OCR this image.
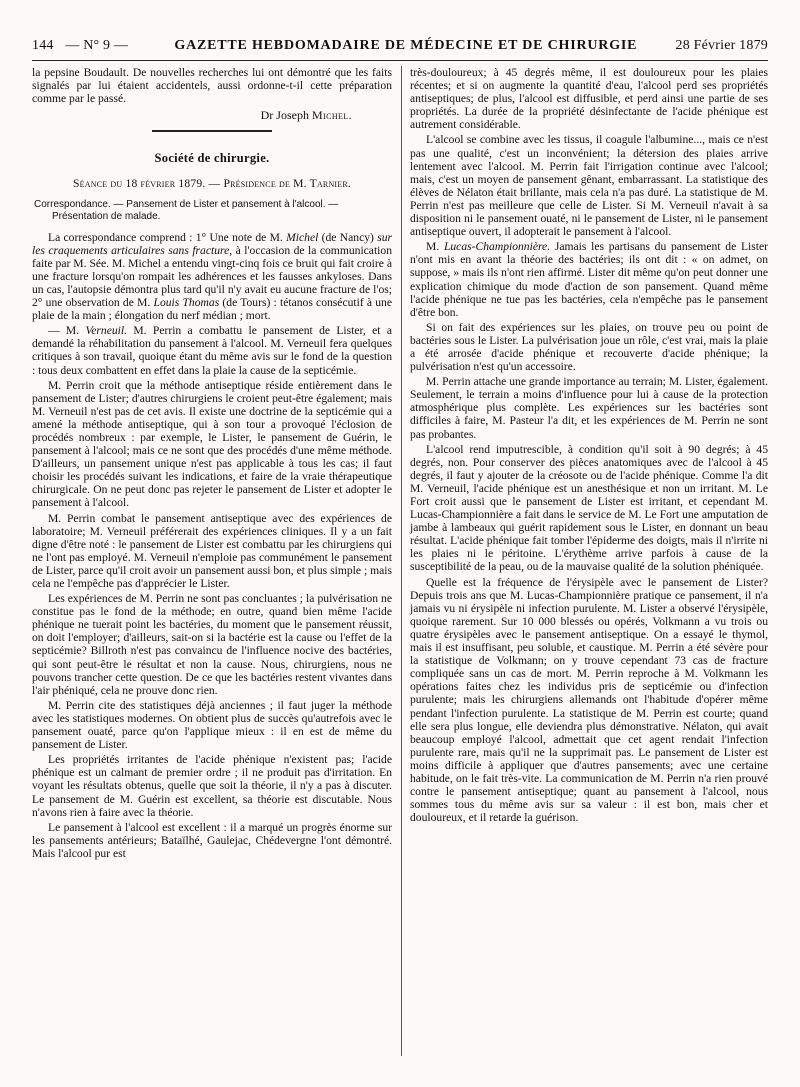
144 — N° 9 —	GAZETTE HEBDOMADAIRE DE MÉDECINE ET DE CHIRURGIE	28 Février 1879

la pepsine Boudault. De nouvelles recherches lui ont démontré que les faits signalés par lui étaient accidentels, aussi ordonne-t-il cette préparation comme par le passé.

Dr Joseph Michel.
Société de chirurgie.
Séance du 18 février 1879. — Présidence de M. Tarnier.
Correspondance. — Pansement de Lister et pansement à l'alcool. —
Présentation de malade.

La correspondance comprend : 1° Une note de M. Michel (de Nancy) sur les craquements articulaires sans fracture, à l'occasion de la communication faite par M. Sée. M. Michel a entendu vingt-cinq fois ce bruit qui fait croire à une fracture lorsqu'on rompait les adhérences et les fausses ankyloses. Dans un cas, l'autopsie démontra plus tard qu'il n'y avait eu aucune fracture de l'os; 2° une observation de M. Louis Thomas (de Tours) : tétanos consécutif à une plaie de la main ; élongation du nerf médian ; mort.

— M. Verneuil. M. Perrin a combattu le pansement de Lister, et a demandé la réhabilitation du pansement à l'alcool. M. Verneuil fera quelques critiques à son travail, quoique étant du même avis sur le fond de la question : tous deux combattent en effet dans la plaie la cause de la septicémie.

M. Perrin croit que la méthode antiseptique réside entièrement dans le pansement de Lister; d'autres chirurgiens le croient peut-être également; mais M. Verneuil n'est pas de cet avis. Il existe une doctrine de la septicémie qui a amené la méthode antiseptique, qui à son tour a provoqué l'éclosion de procédés nombreux : par exemple, le Lister, le pansement de Guérin, le pansement à l'alcool; mais ce ne sont que des procédés d'une même méthode. D'ailleurs, un pansement unique n'est pas applicable à tous les cas; il faut choisir les procédés suivant les indications, et faire de la vraie thérapeutique chirurgicale. On ne peut donc pas rejeter le pansement de Lister et adopter le pansement à l'alcool.

M. Perrin combat le pansement antiseptique avec des expériences de laboratoire; M. Verneuil préférerait des expériences cliniques. Il y a un fait digne d'être noté : le pansement de Lister est combattu par les chirurgiens qui ne l'ont pas employé. M. Verneuil n'emploie pas communément le pansement de Lister, parce qu'il croit avoir un pansement aussi bon, et plus simple ; mais cela ne l'empêche pas d'apprécier le Lister.

Les expériences de M. Perrin ne sont pas concluantes ; la pulvérisation ne constitue pas le fond de la méthode; en outre, quand bien même l'acide phénique ne tuerait point les bactéries, du moment que le pansement réussit, on doit l'employer; d'ailleurs, sait-on si la bactérie est la cause ou l'effet de la septicémie? Billroth n'est pas convaincu de l'influence nocive des bactéries, qui sont peut-être le résultat et non la cause. Nous, chirurgiens, nous ne pouvons trancher cette question. De ce que les bactéries restent vivantes dans l'air phéniqué, cela ne prouve donc rien.

M. Perrin cite des statistiques déjà anciennes ; il faut juger la méthode avec les statistiques modernes. On obtient plus de succès qu'autrefois avec le pansement ouaté, parce qu'on l'applique mieux : il en est de même du pansement de Lister.

Les propriétés irritantes de l'acide phénique n'existent pas; l'acide phénique est un calmant de premier ordre ; il ne produit pas d'irritation. En voyant les résultats obtenus, quelle que soit la théorie, il n'y a pas à discuter. Le pansement de M. Guérin est excellent, sa théorie est discutable. Nous n'avons rien à faire avec la théorie.

Le pansement à l'alcool est excellent : il a marqué un progrès énorme sur les pansements antérieurs; Bataïlhé, Gaulejac, Chédevergne l'ont démontré. Mais l'alcool pur est

très-douloureux; à 45 degrés même, il est douloureux pour les plaies récentes; et si on augmente la quantité d'eau, l'alcool perd ses propriétés antiseptiques; de plus, l'alcool est diffusible, et perd ainsi une partie de ses propriétés. La durée de la propriété désinfectante de l'acide phénique est autrement considérable.

L'alcool se combine avec les tissus, il coagule l'albumine..., mais ce n'est pas une qualité, c'est un inconvénient; la détersion des plaies arrive lentement avec l'alcool. M. Perrin fait l'irrigation continue avec l'alcool; mais, c'est un moyen de pansement gênant, embarrassant. La statistique des élèves de Nélaton était brillante, mais cela n'a pas duré. La statistique de M. Perrin n'est pas meilleure que celle de Lister. Si M. Verneuil n'avait à sa disposition ni le pansement ouaté, ni le pansement de Lister, ni le pansement antiseptique ouvert, il adopterait le pansement à l'alcool.

M. Lucas-Championnière. Jamais les partisans du pansement de Lister n'ont mis en avant la théorie des bactéries; ils ont dit : « on admet, on suppose, » mais ils n'ont rien affirmé. Lister dit même qu'on peut donner une explication chimique du mode d'action de son pansement. Quand même l'acide phénique ne tue pas les bactéries, cela n'empêche pas le pansement d'être bon.

Si on fait des expériences sur les plaies, on trouve peu ou point de bactéries sous le Lister. La pulvérisation joue un rôle, c'est vrai, mais la plaie a été arrosée d'acide phénique et recouverte d'acide phénique; la pulvérisation n'est qu'un accessoire.

M. Perrin attache une grande importance au terrain; M. Lister, également. Seulement, le terrain a moins d'influence pour lui à cause de la protection atmosphérique plus complète. Les expériences sur les bactéries sont difficiles à faire, M. Pasteur l'a dit, et les expériences de M. Perrin ne sont pas probantes.

L'alcool rend imputrescible, à condition qu'il soit à 90 degrés; à 45 degrés, non. Pour conserver des pièces anatomiques avec de l'alcool à 45 degrés, il faut y ajouter de la créosote ou de l'acide phénique. Comme l'a dit M. Verneuil, l'acide phénique est un anesthésique et non un irritant. M. Le Fort croit aussi que le pansement de Lister est irritant, et cependant M. Lucas-Championnière a fait dans le service de M. Le Fort une amputation de jambe à lambeaux qui guérit rapidement sous le Lister, en donnant un beau résultat. L'acide phénique fait tomber l'épiderme des doigts, mais il n'irrite ni les plaies ni le péritoine. L'érythème arrive parfois à cause de la susceptibilité de la peau, ou de la mauvaise qualité de la solution phéniquée.

Quelle est la fréquence de l'érysipèle avec le pansement de Lister? Depuis trois ans que M. Lucas-Championnière pratique ce pansement, il n'a jamais vu ni érysipèle ni infection purulente. M. Lister a observé l'érysipèle, quoique rarement. Sur 10 000 blessés ou opérés, Volkmann a vu trois ou quatre érysipèles avec le pansement antiseptique. On a essayé le thymol, mais il est insuffisant, peu soluble, et caustique. M. Perrin a été sévère pour la statistique de Volkmann; on y trouve cependant 73 cas de fracture compliquée sans un cas de mort. M. Perrin reproche à M. Volkmann les opérations faites chez les individus pris de septicémie ou d'infection purulente; mais les chirurgiens allemands ont l'habitude d'opérer même pendant l'infection purulente. La statistique de M. Perrin est courte; quand elle sera plus longue, elle deviendra plus démonstrative. Nélaton, qui avait beaucoup employé l'alcool, admettait que cet agent rendait l'infection purulente rare, mais qu'il ne la supprimait pas. Le pansement de Lister est moins difficile à appliquer que d'autres pansements; avec une certaine habitude, on le fait très-vite. La communication de M. Perrin n'a rien prouvé contre le pansement antiseptique; quant au pansement à l'alcool, nous sommes tous du même avis sur sa valeur : il est bon, mais cher et douloureux, et il retarde la guérison.
